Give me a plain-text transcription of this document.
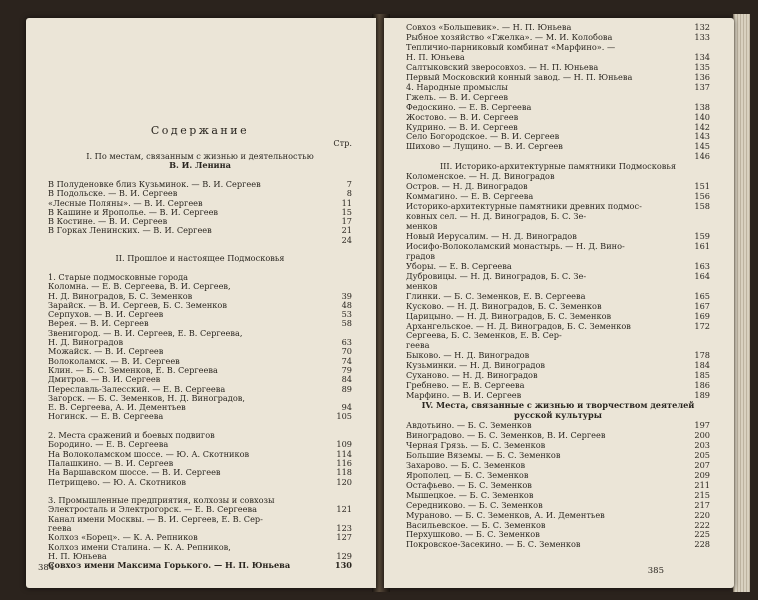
Содержание
Стр.
I. По местам, связанным с жизнью и деятельностью
В. И. Ленина
В Полуденовке близ Кузьминок. — В. И. Сергеев	7
В Подольске. — В. И. Сергеев	8
«Лесные Поляны». — В. И. Сергеев	11
В Кашине и Ярополье. — В. И. Сергеев	15
В Костине. — В. И. Сергеев	17
В Горках Ленинских. — В. И. Сергеев	21
24
II. Прошлое и настоящее Подмосковья
1. Старые подмосковные города
Коломна. — Е. В. Сергеева, В. И. Сергеев,
Н. Д. Виноградов, Б. С. Земенков	39
Зарайск. — В. И. Сергеев, Б. С. Земенков	48
Серпухов. — В. И. Сергеев	53
Верея. — В. И. Сергеев	58
Звенигород. — В. И. Сергеев, Е. В. Сергеева,
Н. Д. Виноградов	63
Можайск. — В. И. Сергеев	70
Волоколамск. — В. И. Сергеев	74
Клин. — Б. С. Земенков, Е. В. Сергеева	79
Дмитров. — В. И. Сергеев	84
Переславль-Залесский. — Е. В. Сергеева	89
Загорск. — Б. С. Земенков, Н. Д. Виноградов,
Е. В. Сергеева, А. И. Дементьев	94
Ногинск. — Е. В. Сергеева	105
2. Места сражений и боевых подвигов
Бородино. — Е. В. Сергеева	109
На Волоколамском шоссе. — Ю. А. Скотников	114
Палашкино. — В. И. Сергеев	116
На Варшавском шоссе. — В. И. Сергеев	118
Петрищево. — Ю. А. Скотников	120
3. Промышленные предприятия, колхозы и совхозы
Электросталь и Электрогорск. — Е. В. Сергеева	121
Канал имени Москвы. — В. И. Сергеев, Е. В. Сер-
геева	123
Колхоз «Борец». — К. А. Репников	127
Колхоз имени Сталина. — К. А. Репников,
Н. П. Юньева	129
Совхоз имени Максима Горького. — Н. П. Юньева	130
384
Совхоз «Большевик». — Н. П. Юньева	132
Рыбное хозяйство «Гжелка». — М. И. Колобова	133
Тепличио-парниковый комбинат «Марфино». —
Н. П. Юньева	134
Салтыковский зверосовхоз. — Н. П. Юньева	135
Первый Московский конный завод. — Н. П. Юньева	136
4. Народные промыслы	137
Гжель. — В. И. Сергеев
Федоскино. — Е. В. Сергеева	138
Жостово. — В. И. Сергеев	140
Кудрино. — В. И. Сергеев	142
Село Богородское. — В. И. Сергеев	143
Шихово — Лущино. — В. И. Сергеев	145
146
III. Историко-архитектурные памятники Подмосковья
Коломенское. — Н. Д. Виноградов
Остров. — Н. Д. Виноградов	151
Коммагино. — Е. В. Сергеева	156
Историко-архитектурные памятники древних подмос-	158
ковных сел. — Н. Д. Виноградов, Б. С. Зе-
менков
Новый Иерусалим. — Н. Д. Виноградов	159
Иосифо-Волоколамский монастырь. — Н. Д. Вино-	161
градов
Уборы. — Е. В. Сергеева	163
Дубровицы. — Н. Д. Виноградов, Б. С. Зе-	164
менков
Глинки. — Б. С. Земенков, Е. В. Сергеева	165
Кусково. — Н. Д. Виноградов, Б. С. Земенков	167
Царицыно. — Н. Д. Виноградов, Б. С. Земенков	169
Архангельское. — Н. Д. Виноградов, Б. С. Земенков	172
Сергеева, Б. С. Земенков, Е. В. Сер-
геева
Быково. — Н. Д. Виноградов	178
Кузьминки. — Н. Д. Виноградов	184
Суханово. — Н. Д. Виноградов	185
Гребнево. — Е. В. Сергеева	186
Марфино. — В. И. Сергеев	189
IV. Места, связанные с жизнью и творчеством деятелей
русской культуры
Авдотьино. — Б. С. Земенков	197
Виноградово. — Б. С. Земенков, В. И. Сергеев	200
Черная Грязь. — Б. С. Земенков	203
Большие Вяземы. — Б. С. Земенков	205
Захарово. — Б. С. Земенков	207
Ярополец. — Б. С. Земенков	209
Остафьево. — Б. С. Земенков	211
Мышецкое. — Б. С. Земенков	215
Середниково. — Б. С. Земенков	217
Мураново. — Б. С. Земенков, А. И. Дементьев	220
Васильевское. — Б. С. Земенков	222
Перхушково. — Б. С. Земенков	225
Покровское-Засекино. — Б. С. Земенков	228
385
